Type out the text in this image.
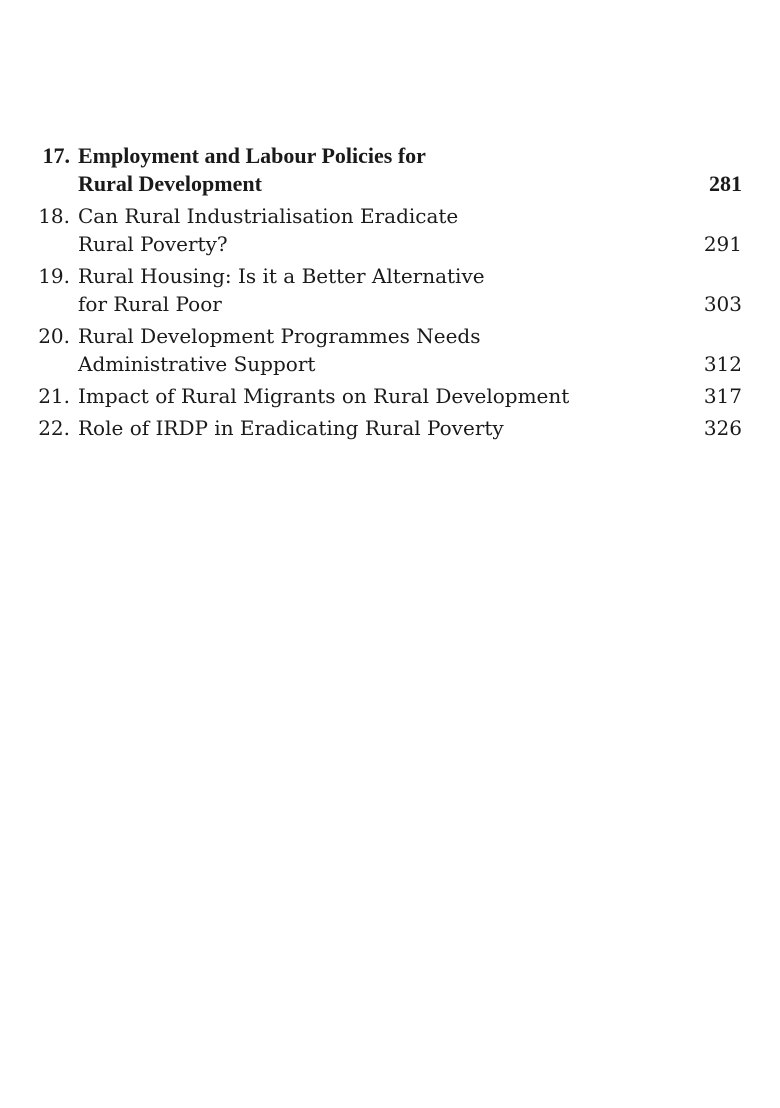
17. Employment and Labour Policies for
Rural Development	281
18. Can Rural Industrialisation Eradicate
Rural Poverty?	291
19. Rural Housing: Is it a Better Alternative
for Rural Poor	303
20. Rural Development Programmes Needs
Administrative Support	312
21. Impact of Rural Migrants on Rural Development	317
22. Role of IRDP in Eradicating Rural Poverty	326
